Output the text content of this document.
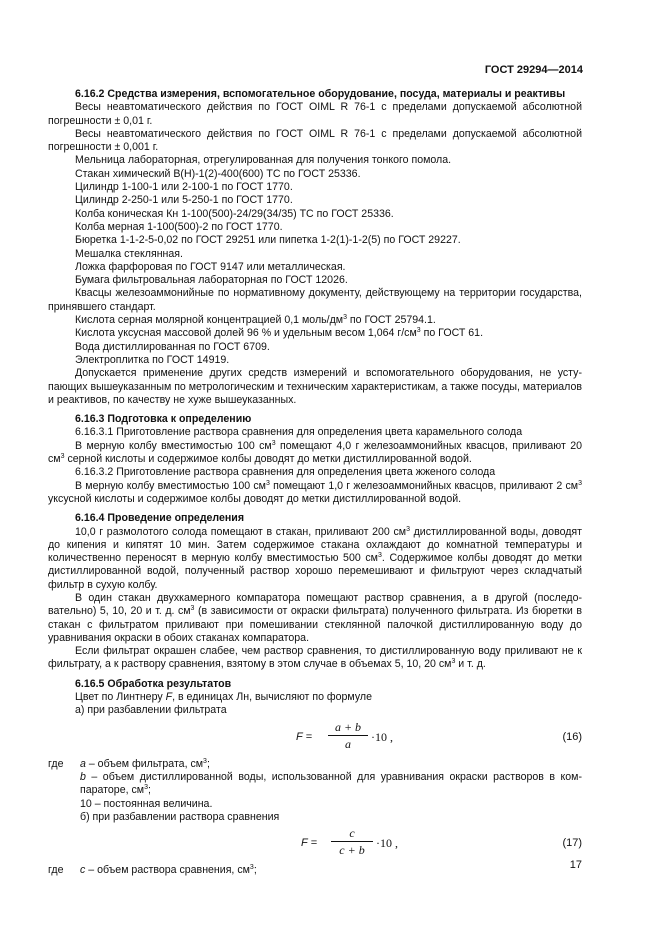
ГОСТ 29294—2014

6.16.2 Средства измерения, вспомогательное оборудование, посуда, материалы и реактивы

Весы неавтоматического действия по ГОСТ OIML R 76-1 с пределами допускаемой абсолютной погрешности ± 0,01 г.

Весы неавтоматического действия по ГОСТ OIML R 76-1 с пределами допускаемой абсолютной погрешности ± 0,001 г.

Мельница лабораторная, отрегулированная для получения тонкого помола.

Стакан химический В(Н)-1(2)-400(600) ТС по ГОСТ 25336.

Цилиндр 1-100-1 или 2-100-1 по ГОСТ 1770.

Цилиндр 2-250-1 или 5-250-1 по ГОСТ 1770.

Колба коническая Кн 1-100(500)-24/29(34/35) ТС по ГОСТ 25336.

Колба мерная 1-100(500)-2 по ГОСТ 1770.

Бюретка 1-1-2-5-0,02 по ГОСТ 29251 или пипетка 1-2(1)-1-2(5) по ГОСТ 29227.

Мешалка стеклянная.

Ложка фарфоровая по ГОСТ 9147 или металлическая.

Бумага фильтровальная лабораторная по ГОСТ 12026.

Квасцы железоаммонийные по нормативному документу, действующему на территории государства, принявшего стандарт.

Кислота серная молярной концентрацией 0,1 моль/$дм^3$ по ГОСТ 25794.1.

Кислота уксусная массовой долей 96 % и удельным весом 1,064 $г/см^3$ по ГОСТ 61.

Вода дистиллированная по ГОСТ 6709.

Электроплитка по ГОСТ 14919.

Допускается применение других средств измерений и вспомогательного оборудования, не уступающих вышеуказанным по метрологическим и техническим характеристикам, а также посуды, материалов и реактивов, по качеству не хуже вышеуказанных.

6.16.3 Подготовка к определению

6.16.3.1 Приготовление раствора сравнения для определения цвета карамельного солода

В мерную колбу вместимостью 100 $см^3$ помещают 4,0 г железоаммонийных квасцов, приливают 20 $см^3$ серной кислоты и содержимое колбы доводят до метки дистиллированной водой.

6.16.3.2 Приготовление раствора сравнения для определения цвета жженого солода

В мерную колбу вместимостью 100 $см^3$ помещают 1,0 г железоаммонийных квасцов, приливают 2 $см^3$ уксусной кислоты и содержимое колбы доводят до метки дистиллированной водой.

6.16.4 Проведение определения

10,0 г размолотого солода помещают в стакан, приливают 200 $см^3$ дистиллированной воды, доводят до кипения и кипятят 10 мин. Затем содержимое стакана охлаждают до комнатной температуры и количественно переносят в мерную колбу вместимостью 500 $см^3$. Содержимое колбы доводят до метки дистиллированной водой, полученный раствор хорошо перемешивают и фильтруют через складчатый фильтр в сухую колбу.

В один стакан двухкамерного компаратора помещают раствор сравнения, а в другой (последовательно) 5, 10, 20 и т. д. $см^3$ (в зависимости от окраски фильтрата) полученного фильтрата. Из бюретки в стакан с фильтратом приливают при помешивании стеклянной палочкой дистиллированную воду до уравнивания окраски в обоих стаканах компаратора.

Если фильтрат окрашен слабее, чем раствор сравнения, то дистиллированную воду приливают не к фильтрату, а к раствору сравнения, взятому в этом случае в объемах 5, 10, 20 $см^3$ и т. д.

6.16.5 Обработка результатов

Цвет по Линтнеру F, в единицах Лн, вычисляют по формуле

а) при разбавлении фильтрата

F =
a + b
a ·10 ,	(16)
где	a – объем фильтрата, $см^3$;

b – объем дистиллированной воды, использованной для уравнивания окраски растворов в компараторе, $см^3$;

10 – постоянная величина.

б) при разбавлении раствора сравнения

F =
c
c + b ·10 ,	(17)
где	c – объем раствора сравнения, $см^3$;	17
